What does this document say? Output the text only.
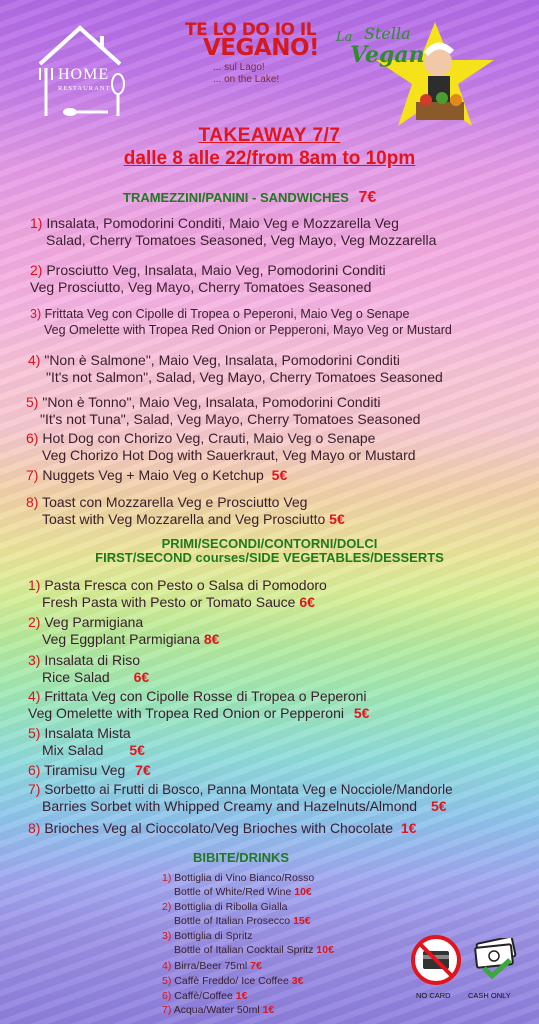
HOME
RESTAURANT
TE LO DO IO IL
VEGANO!
... sul Lago!
... on the Lake!
La Stella
Vegan
TAKEAWAY 7/7
dalle 8 alle 22/from 8am to 10pm
TRAMEZZINI/PANINI - SANDWICHES 7€
1) Insalata, Pomodorini Conditi, Maio Veg e Mozzarella Veg
Salad, Cherry Tomatoes Seasoned, Veg Mayo, Veg Mozzarella
2) Prosciutto Veg, Insalata, Maio Veg, Pomodorini Conditi
Veg Prosciutto, Veg Mayo, Cherry Tomatoes Seasoned
3) Frittata Veg con Cipolle di Tropea o Peperoni, Maio Veg o Senape
Veg Omelette with Tropea Red Onion or Pepperoni, Mayo Veg or Mustard
4) "Non è Salmone", Maio Veg, Insalata, Pomodorini Conditi
"It's not Salmon", Salad, Veg Mayo, Cherry Tomatoes Seasoned
5) "Non è Tonno", Maio Veg, Insalata, Pomodorini Conditi
"It's not Tuna", Salad, Veg Mayo, Cherry Tomatoes Seasoned
6) Hot Dog con Chorizo Veg, Crauti, Maio Veg o Senape
Veg Chorizo Hot Dog with Sauerkraut, Veg Mayo or Mustard
7) Nuggets Veg + Maio Veg o Ketchup 5€
8) Toast con Mozzarella Veg e Prosciutto Veg
Toast with Veg Mozzarella and Veg Prosciutto 5€
PRIMI/SECONDI/CONTORNI/DOLCI
FIRST/SECOND courses/SIDE VEGETABLES/DESSERTS
1) Pasta Fresca con Pesto o Salsa di Pomodoro
Fresh Pasta with Pesto or Tomato Sauce 6€
2) Veg Parmigiana
Veg Eggplant Parmigiana 8€
3) Insalata di Riso
Rice Salad 6€
4) Frittata Veg con Cipolle Rosse di Tropea o Peperoni
Veg Omelette with Tropea Red Onion or Pepperoni 5€
5) Insalata Mista
Mix Salad 5€
6) Tiramisu Veg 7€
7) Sorbetto ai Frutti di Bosco, Panna Montata Veg e Nocciole/Mandorle
Barries Sorbet with Whipped Creamy and Hazelnuts/Almond 5€
8) Brioches Veg al Cioccolato/Veg Brioches with Chocolate 1€
BIBITE/DRINKS
1) Bottiglia di Vino Bianco/Rosso
Bottle of White/Red Wine 10€
2) Bottiglia di Ribolla Gialla
Bottle of Italian Prosecco 15€
3) Bottiglia di Spritz
Bottle of Italian Cocktail Spritz 10€
4) Birra/Beer 75ml 7€
5) Caffè Freddo/ Ice Coffee 3€
6) Caffè/Coffee 1€
7) Acqua/Water 50ml 1€
NO CARD CASH ONLY
